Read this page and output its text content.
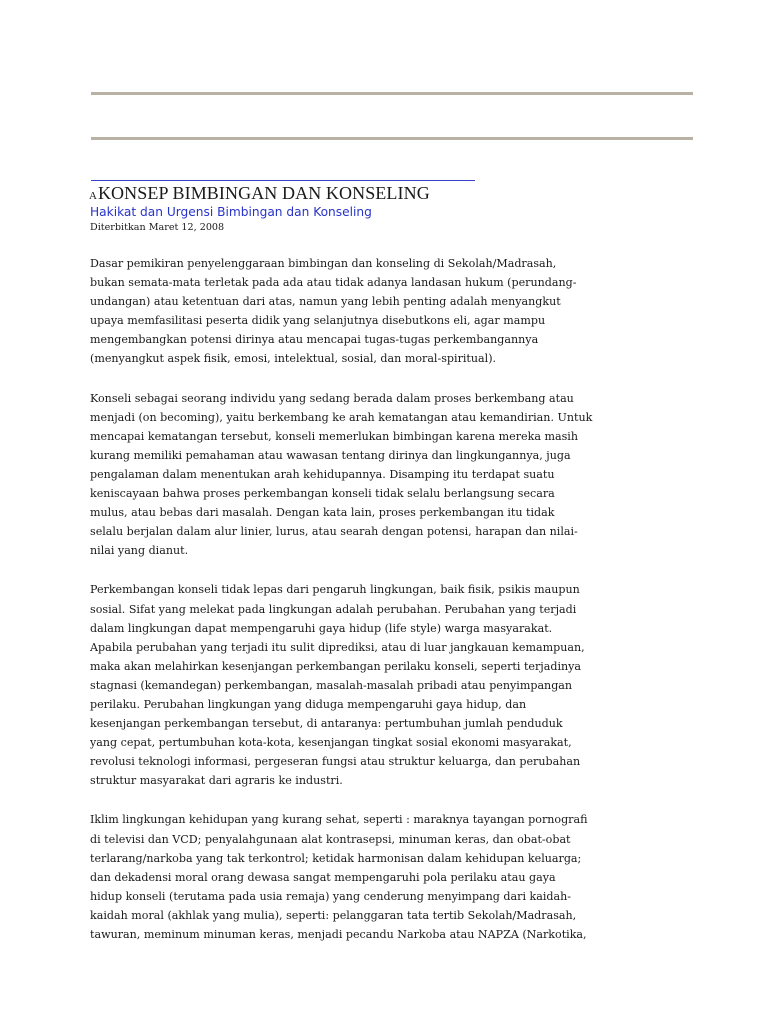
AKONSEP BIMBINGAN DAN KONSELING
Hakikat dan Urgensi Bimbingan dan Konseling
Diterbitkan Maret 12, 2008
Dasar pemikiran penyelenggaraan bimbingan dan konseling di Sekolah/Madrasah,
bukan semata-mata terletak pada ada atau tidak adanya landasan hukum (perundang-
undangan) atau ketentuan dari atas, namun yang lebih penting adalah menyangkut
upaya memfasilitasi peserta didik yang selanjutnya disebutkons eli, agar mampu
mengembangkan potensi dirinya atau mencapai tugas-tugas perkembangannya
(menyangkut aspek fisik, emosi, intelektual, sosial, dan moral-spiritual).
Konseli sebagai seorang individu yang sedang berada dalam proses berkembang atau
menjadi (on becoming), yaitu berkembang ke arah kematangan atau kemandirian. Untuk
mencapai kematangan tersebut, konseli memerlukan bimbingan karena mereka masih
kurang memiliki pemahaman atau wawasan tentang dirinya dan lingkungannya, juga
pengalaman dalam menentukan arah kehidupannya. Disamping itu terdapat suatu
keniscayaan bahwa proses perkembangan konseli tidak selalu berlangsung secara
mulus, atau bebas dari masalah. Dengan kata lain, proses perkembangan itu tidak
selalu berjalan dalam alur linier, lurus, atau searah dengan potensi, harapan dan nilai-
nilai yang dianut.
Perkembangan konseli tidak lepas dari pengaruh lingkungan, baik fisik, psikis maupun
sosial. Sifat yang melekat pada lingkungan adalah perubahan. Perubahan yang terjadi
dalam lingkungan dapat mempengaruhi gaya hidup (life style) warga masyarakat.
Apabila perubahan yang terjadi itu sulit diprediksi, atau di luar jangkauan kemampuan,
maka akan melahirkan kesenjangan perkembangan perilaku konseli, seperti terjadinya
stagnasi (kemandegan) perkembangan, masalah-masalah pribadi atau penyimpangan
perilaku. Perubahan lingkungan yang diduga mempengaruhi gaya hidup, dan
kesenjangan perkembangan tersebut, di antaranya: pertumbuhan jumlah penduduk
yang cepat, pertumbuhan kota-kota, kesenjangan tingkat sosial ekonomi masyarakat,
revolusi teknologi informasi, pergeseran fungsi atau struktur keluarga, dan perubahan
struktur masyarakat dari agraris ke industri.
Iklim lingkungan kehidupan yang kurang sehat, seperti : maraknya tayangan pornografi
di televisi dan VCD; penyalahgunaan alat kontrasepsi, minuman keras, dan obat-obat
terlarang/narkoba yang tak terkontrol; ketidak harmonisan dalam kehidupan keluarga;
dan dekadensi moral orang dewasa sangat mempengaruhi pola perilaku atau gaya
hidup konseli (terutama pada usia remaja) yang cenderung menyimpang dari kaidah-
kaidah moral (akhlak yang mulia), seperti: pelanggaran tata tertib Sekolah/Madrasah,
tawuran, meminum minuman keras, menjadi pecandu Narkoba atau NAPZA (Narkotika,
